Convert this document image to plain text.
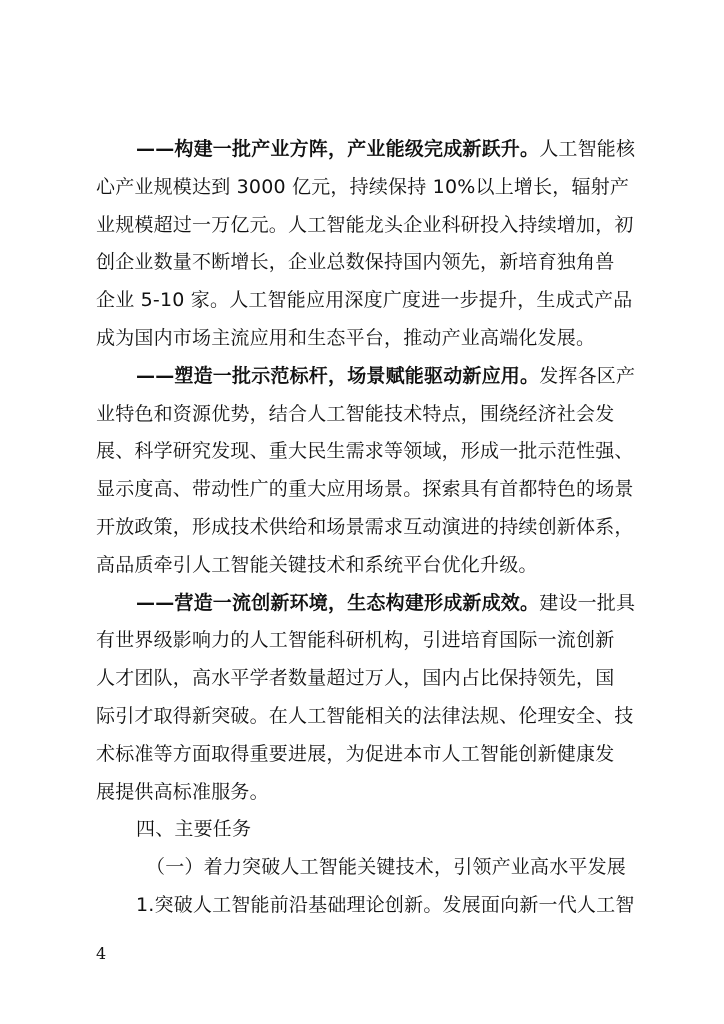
——构建一批产业方阵，产业能级完成新跃升。人工智能核
心产业规模达到 3000 亿元，持续保持 10%以上增长，辐射产
业规模超过一万亿元。人工智能龙头企业科研投入持续增加，初
创企业数量不断增长，企业总数保持国内领先，新培育独角兽
企业 5-10 家。人工智能应用深度广度进一步提升，生成式产品
成为国内市场主流应用和生态平台，推动产业高端化发展。
——塑造一批示范标杆，场景赋能驱动新应用。发挥各区产
业特色和资源优势，结合人工智能技术特点，围绕经济社会发
展、科学研究发现、重大民生需求等领域，形成一批示范性强、
显示度高、带动性广的重大应用场景。探索具有首都特色的场景
开放政策，形成技术供给和场景需求互动演进的持续创新体系，
高品质牵引人工智能关键技术和系统平台优化升级。
——营造一流创新环境，生态构建形成新成效。建设一批具
有世界级影响力的人工智能科研机构，引进培育国际一流创新
人才团队，高水平学者数量超过万人，国内占比保持领先，国
际引才取得新突破。在人工智能相关的法律法规、伦理安全、技
术标准等方面取得重要进展，为促进本市人工智能创新健康发
展提供高标准服务。
四、主要任务
（一）着力突破人工智能关键技术，引领产业高水平发展
1.突破人工智能前沿基础理论创新。发展面向新一代人工智
4
